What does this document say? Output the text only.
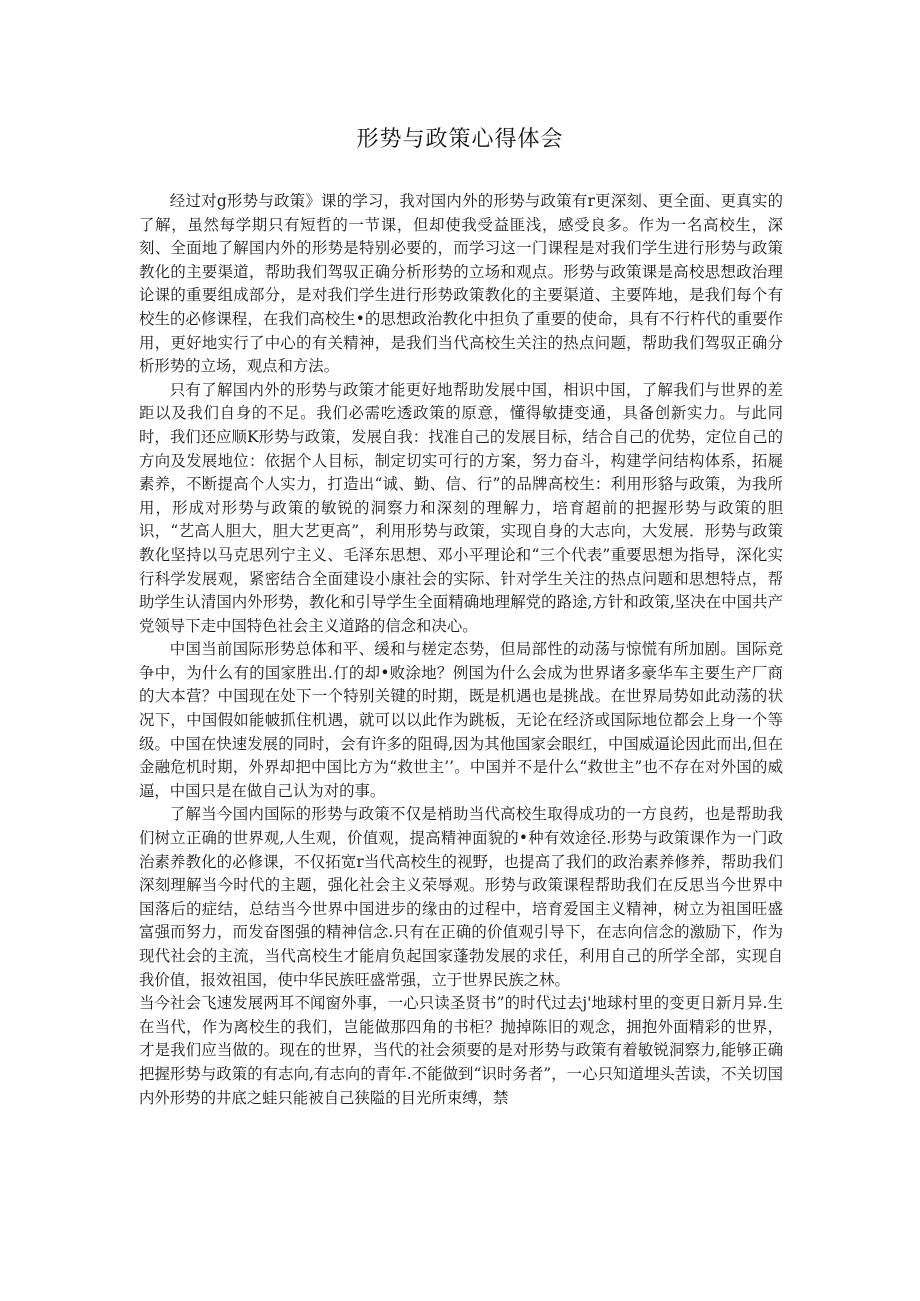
形势与政策心得体会

经过对g形势与政策》课的学习，我对国内外的形势与政策有r更深刻、更全面、更真实的了解，虽然每学期只有短哲的一节课，但却使我受益匪浅，感受良多。作为一名高校生，深刻、全面地了解国内外的形势是特别必要的，而学习这一门课程是对我们学生进行形势与政策教化的主要渠道，帮助我们驾驭正确分析形势的立场和观点。形势与政策课是高校思想政治理论课的重要组成部分，是对我们学生进行形势政策教化的主要渠道、主要阵地，是我们每个有校生的必修课程，在我们高校生•的思想政治教化中担负了重要的使命，具有不行杵代的重要作用，更好地实行了中心的有关精神，是我们当代高校生关注的热点问题，帮助我们驾驭正确分析形势的立场，观点和方法。

只有了解国内外的形势与政策才能更好地帮助发展中国，相识中国，了解我们与世界的差距以及我们自身的不足。我们必需吃透政策的原意，懂得敏捷变通，具备创新实力。与此同时，我们还应顺K形势与政策，发展自我：找准自己的发展目标，结合自己的优势，定位自己的方向及发展地位：依据个人目标，制定切实可行的方案，努力奋斗，构建学问结构体系，拓屣素养，不断提高个人实力，打造出“诚、勤、信、行”的品牌高校生：利用形貉与政策，为我所用，形成对形势与政策的敏锐的洞察力和深刻的理解力，培育超前的把握形势与政策的胆识，“艺高人胆大，胆大艺更高”，利用形势与政策，实现自身的大志向，大发展．形势与政策教化坚持以马克思列宁主义、毛泽东思想、邓小平理论和“三个代表”重要思想为指导，深化实行科学发展观，紧密结合全面建设小康社会的实际、针对学生关注的热点问题和思想特点，帮助学生认清国内外形势，教化和引导学生全面精确地理解党的路途,方针和政策,坚决在中国共产党领导下走中国特色社会主义道路的信念和决心。

中国当前国际形势总体和平、缓和与槎定态势，但局部性的动荡与惊慌有所加剧。国际竞争中，为什么有的国家胜出.仃的却•败涂地？例国为什么会成为世界诸多豪华车主要生产厂商的大本营？中国现在处下一个特别关键的时期，既是机遇也是挑战。在世界局势如此动荡的状况下，中国假如能帔抓住机遇，就可以以此作为跳板，无论在经济或国际地位都会上身一个等级。中国在快速发展的同时，会有许多的阻碍,因为其他国家会眼红，中国威逼论因此而出,但在金融危机时期，外界却把中国比方为“救世主’’。中国并不是什么“救世主”也不存在对外国的威逼，中国只是在做自己认为对的事。

了解当今国内国际的形势与政策不仅是梢助当代高校生取得成功的一方良药，也是帮助我们树立正确的世界观,人生观，价值观，提高精神面貌的•种有效途径.形势与政策课作为一门政治素养教化的必修课，不仅拓宽r当代高校生的视野，也提高了我们的政治素养修养，帮助我们深刻理解当今时代的主题，强化社会主义荣辱观。形势与政策课程帮助我们在反思当今世界中国落后的症结，总结当今世界中国进步的缘由的过程中，培育爱国主义精神，树立为祖国旺盛富强而努力，而发奋图强的精神信念.只有在正确的价值观引导下，在志向信念的激励下，作为现代社会的主流，当代高校生才能肩负起国家蓬勃发展的求任，利用自己的所学全部，实现自我价值，报效祖国，使中华民族旺盛常强，立于世界民族之林。

当今社会飞速发展两耳不闻窗外事，一心只读圣贤书”的时代过去j'地球村里的变更日新月异.生在当代，作为离校生的我们，岂能做那四角的书柜？抛掉陈旧的观念，拥抱外面精彩的世界，才是我们应当做的。现在的世界，当代的社会须要的是对形势与政策有着敏锐洞察力,能够正确把握形势与政策的有志向,有志向的青年.不能做到“识时务者”，一心只知道埋头苦读，不关切国内外形势的井底之蛙只能被自己狭隘的目光所束缚，禁
